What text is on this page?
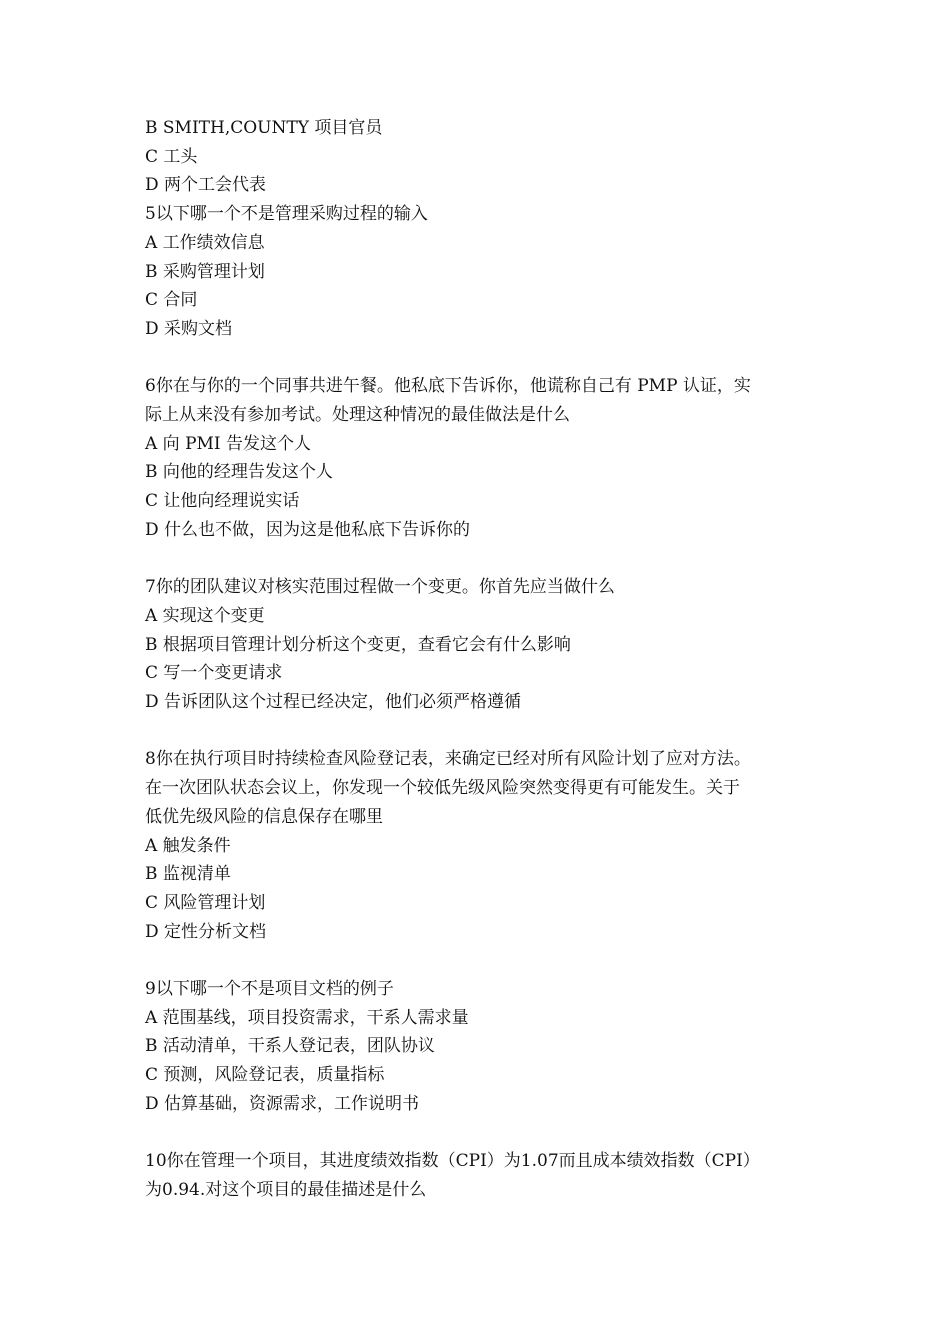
B SMITH,COUNTY 项目官员
C 工头
D 两个工会代表
5以下哪一个不是管理采购过程的输入
A 工作绩效信息
B 采购管理计划
C 合同
D 采购文档
6你在与你的一个同事共进午餐。他私底下告诉你，他谎称自己有 PMP 认证，实
际上从来没有参加考试。处理这种情况的最佳做法是什么
A 向 PMI 告发这个人
B 向他的经理告发这个人
C 让他向经理说实话
D 什么也不做，因为这是他私底下告诉你的
7你的团队建议对核实范围过程做一个变更。你首先应当做什么
A 实现这个变更
B 根据项目管理计划分析这个变更，查看它会有什么影响
C 写一个变更请求
D 告诉团队这个过程已经决定，他们必须严格遵循
8你在执行项目时持续检查风险登记表，来确定已经对所有风险计划了应对方法。
在一次团队状态会议上，你发现一个较低先级风险突然变得更有可能发生。关于
低优先级风险的信息保存在哪里
A 触发条件
B 监视清单
C 风险管理计划
D 定性分析文档
9以下哪一个不是项目文档的例子
A 范围基线，项目投资需求，干系人需求量
B 活动清单，干系人登记表，团队协议
C 预测，风险登记表，质量指标
D 估算基础，资源需求，工作说明书
10你在管理一个项目，其进度绩效指数（CPI）为1.07而且成本绩效指数（CPI）
为0.94.对这个项目的最佳描述是什么
